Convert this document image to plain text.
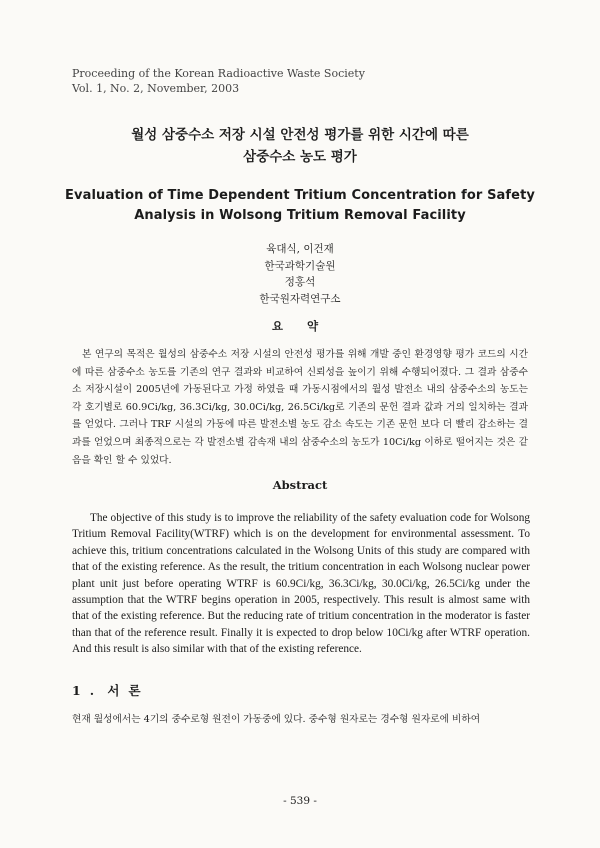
Proceeding of the Korean Radioactive Waste Society
Vol. 1, No. 2, November, 2003
월성 삼중수소 저장 시설 안전성 평가를 위한 시간에 따른
삼중수소 농도 평가
Evaluation of Time Dependent Tritium Concentration for Safety
Analysis in Wolsong Tritium Removal Facility
육대식, 이건재
한국과학기술원
정홍석
한국원자력연구소
요 약
본 연구의 목적은 월성의 삼중수소 저장 시설의 안전성 평가를 위해 개발 중인 환경영향 평가 코드의 시간에 따른 삼중수소 농도를 기존의 연구 결과와 비교하여 신뢰성을 높이기 위해 수행되어졌다. 그 결과 삼중수소 저장시설이 2005년에 가동된다고 가정 하였을 때 가동시점에서의 월성 발전소 내의 삼중수소의 농도는 각 호기별로 60.9Ci/kg, 36.3Ci/kg, 30.0Ci/kg, 26.5Ci/kg로 기존의 문헌 결과 값과 거의 일치하는 결과를 얻었다. 그러나 TRF 시설의 가동에 따른 발전소별 농도 감소 속도는 기존 문헌 보다 더 빨리 감소하는 결과를 얻었으며 최종적으로는 각 발전소별 감속재 내의 삼중수소의 농도가 10Ci/kg 이하로 떨어지는 것은 같음을 확인 할 수 있었다.
Abstract
The objective of this study is to improve the reliability of the safety evaluation code for Wolsong Tritium Removal Facility(WTRF) which is on the development for environmental assessment. To achieve this, tritium concentrations calculated in the Wolsong Units of this study are compared with that of the existing reference. As the result, the tritium concentration in each Wolsong nuclear power plant unit just before operating WTRF is 60.9Ci/kg, 36.3Ci/kg, 30.0Ci/kg, 26.5Ci/kg under the assumption that the WTRF begins operation in 2005, respectively. This result is almost same with that of the existing reference. But the reducing rate of tritium concentration in the moderator is faster than that of the reference result. Finally it is expected to drop below 10Ci/kg after WTRF operation. And this result is also similar with that of the existing reference.
1. 서론
현재 월성에서는 4기의 중수로형 원전이 가동중에 있다. 중수형 원자로는 경수형 원자로에 비하여
- 539 -
